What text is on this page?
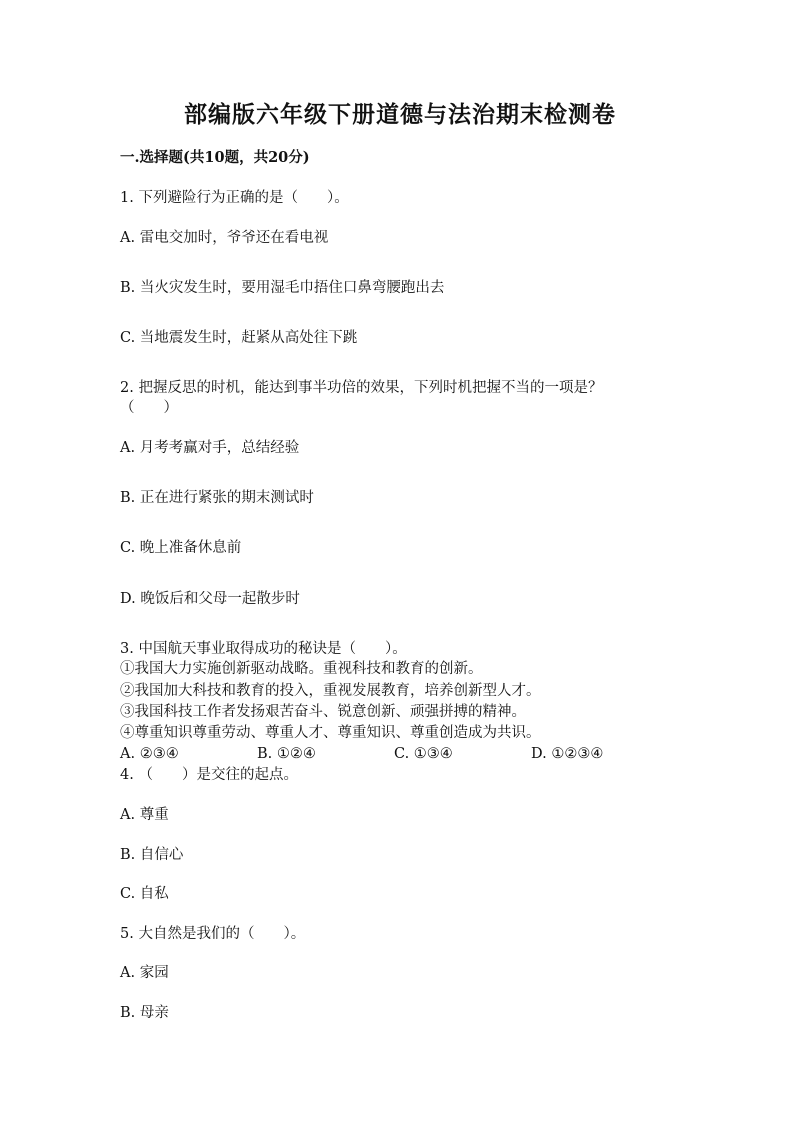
部编版六年级下册道德与法治期末检测卷
一.选择题(共10题，共20分)
1. 下列避险行为正确的是（　　）。
A. 雷电交加时，爷爷还在看电视
B. 当火灾发生时，要用湿毛巾捂住口鼻弯腰跑出去
C. 当地震发生时，赶紧从高处往下跳
2. 把握反思的时机，能达到事半功倍的效果，下列时机把握不当的一项是？
（　　）
A. 月考考赢对手，总结经验
B. 正在进行紧张的期末测试时
C. 晚上准备休息前
D. 晚饭后和父母一起散步时
3. 中国航天事业取得成功的秘诀是（　　）。
①我国大力实施创新驱动战略。重视科技和教育的创新。
②我国加大科技和教育的投入，重视发展教育，培养创新型人才。
③我国科技工作者发扬艰苦奋斗、锐意创新、顽强拼搏的精神。
④尊重知识尊重劳动、尊重人才、尊重知识、尊重创造成为共识。
A. ②③④	B. ①②④	C. ①③④	D. ①②③④
4. （　　）是交往的起点。
A. 尊重
B. 自信心
C. 自私
5. 大自然是我们的（　　）。
A. 家园
B. 母亲
